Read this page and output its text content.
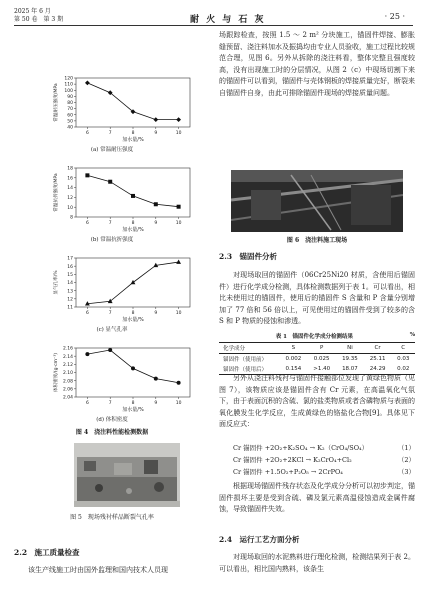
2025 年 6 月
第 50 卷　第 3 期	耐 火 与 石 灰	· 25 ·
40
50
60
70
80
90
100
110
120
6	7	8	9	10
加水量/%
常温耐压强度/MPa
(a) 常温耐压强度
8
10
12
14
16
18
6	7	8	9	10
加水量/%
常温抗折强度/MPa
(b) 常温抗折强度
11
12
13
14
15
16
17
6	7	8	9	10
加水量/%
显气孔率/%
(c) 显气孔率
2.04
2.06
2.08
2.10
2.12
2.14
2.16
6	7	8	9	10
加水量/%
体积密度/(g·cm⁻³)
(d) 体积密度
图 4　浇注料性能检测数据
图 5　现场残衬样品断裂气孔率
2.2　施工质量检查

该生产线施工时由国外监理和国内技术人员现

场跟踪检查，按照 1.5 ～ 2 m² 分块施工，锚固件焊接、膨胀缝预留、浇注料加水及振捣均由专业人员验收，施工过程比较规范合理，见图 6。另外从拆除的浇注料看，整体完整且强度较高，没有出现施工时的分层情况，从图 2（c）中现场切割下来的锚固件可以看到，锚固件与壳体钢板的焊接质量完好，断裂来自锚固件自身，由此可排除锚固件现场的焊接质量问题。

图 6　浇注料施工现场
2.3　锚固件分析

对现场取回的锚固件（06Cr25Ni20 材质，含使用后锚固件）进行化学成分检测，具体检测数据列于表 1。可以看出，相比未使用过的锚固件，使用后的锚固件 S 含量和 P 含量分别增加了 77 倍和 56 倍以上，可见使用过的锚固件受到了较多的含 S 和 P 物质的侵蚀和渗透。

表 1　锚固件化学成分检测结果	%
化学成分	S	P	Ni	Cr	C
锚固件（使用前）	0.002	0.025	19.35	25.11	0.03
锚固件（使用后）	0.154	>1.40	18.07	24.29	0.02

另外从浇注料残衬与锚固件接触部位发现了黄绿色物质（见图 7），该物质应该是锚固件含有 Cr 元素，在高温氧化气氛下，由于表面沉积的含硫、氯的盐类物质或者含磷物质与表面的氧化膜发生化学反应，生成黄绿色的铬盐化合物[9]。具体见下面反应式：

Cr 锚固件 +2O₂+K₂SO₄ → K₂（CrO₄/SO₄）	（1）
Cr 锚固件 +2O₂+2KCl → K₂CrO₄+Cl₂	（2）
Cr 锚固件 +1.5O₂+P₂O₅ → 2CrPO₄	（3）

根据现场锚固件残存状态及化学成分分析可以初步判定，锚固件损坏主要是受到含硫、磷及氯元素高温侵蚀造成金属件腐蚀，导致锚固件失效。

2.4　运行工艺方面分析

对现场取回的水泥熟料进行理化检测，检测结果列于表 2。可以看出，相比国内熟料，该条生
